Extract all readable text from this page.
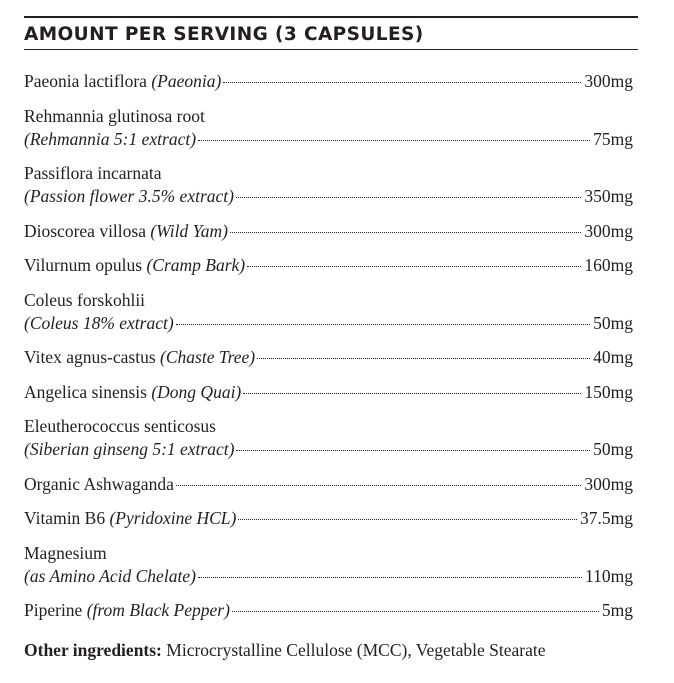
AMOUNT PER SERVING (3 CAPSULES)
Paeonia lactiflora
(Paeonia)	300mg
Rehmannia glutinosa root
(Rehmannia 5:1 extract)	75mg
Passiflora incarnata
(Passion flower 3.5% extract)	350mg
Dioscorea villosa
(Wild Yam)	300mg
Vilurnum opulus
(Cramp Bark)	160mg
Coleus forskohlii
(Coleus 18% extract)	50mg
Vitex agnus-castus
(Chaste Tree)	40mg
Angelica sinensis
(Dong Quai)	150mg
Eleutherococcus senticosus
(Siberian ginseng 5:1 extract)	50mg
Organic Ashwaganda	300mg
Vitamin B6
(Pyridoxine HCL)	37.5mg
Magnesium
(as Amino Acid Chelate)	110mg
Piperine
(from Black Pepper)	5mg
Other ingredients: Microcrystalline Cellulose (MCC), Vegetable Stearate
